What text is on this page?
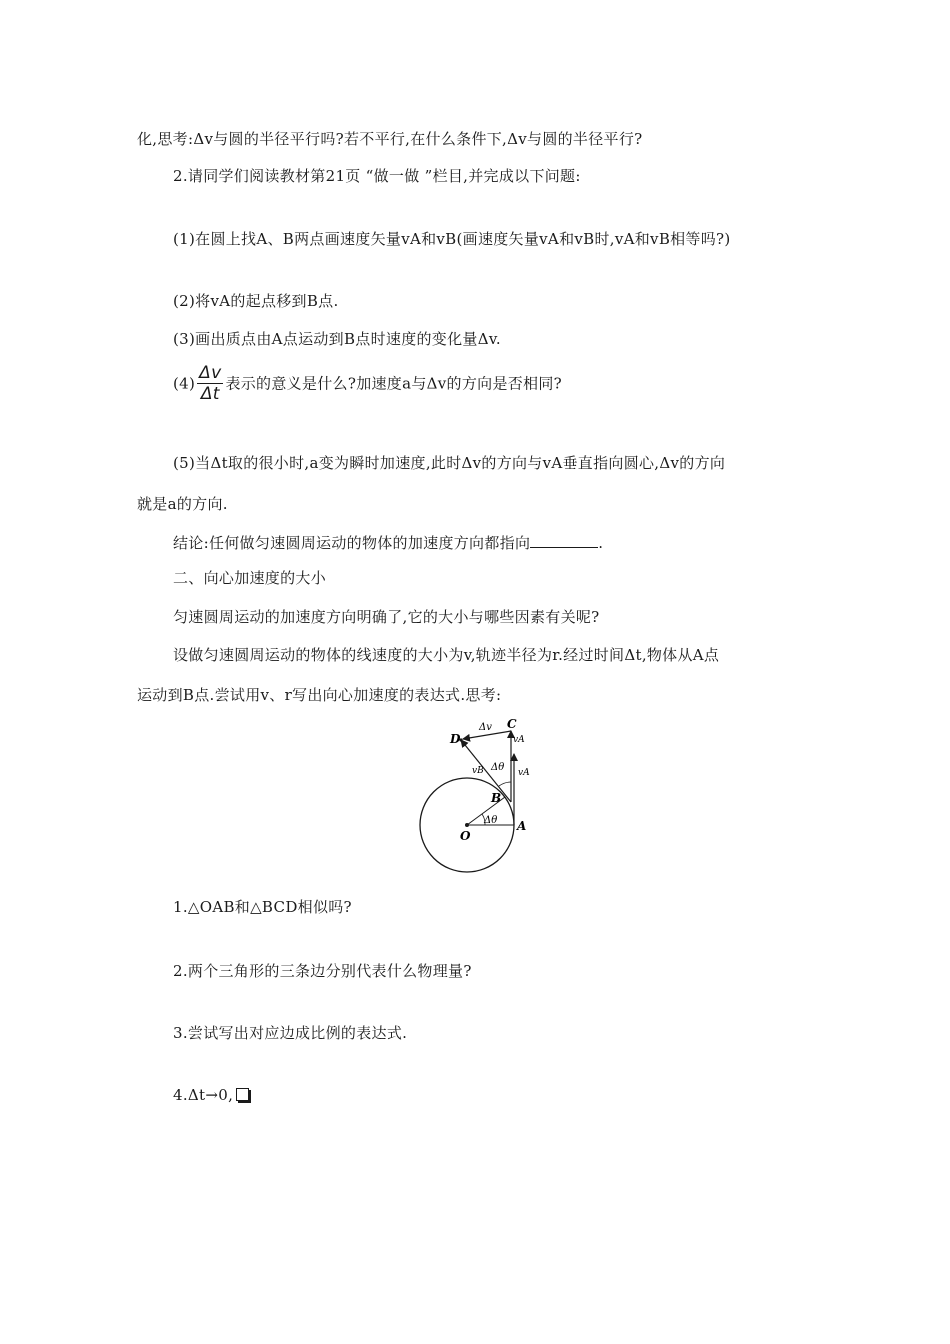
化,思考:Δv与圆的半径平行吗?若不平行,在什么条件下,Δv与圆的半径平行?
2.请同学们阅读教材第21页 “做一做 ”栏目,并完成以下问题:
(1)在圆上找A、B两点画速度矢量vA和vB(画速度矢量vA和vB时,vA和vB相等吗?)
(2)将vA的起点移到B点.
(3)画出质点由A点运动到B点时速度的变化量Δv.
$(4) \frac{\Delta v}{\Delta t}$ 表示的意义是什么?加速度a与Δv的方向是否相同?
(5)当Δt取的很小时,a变为瞬时加速度,此时Δv的方向与vA垂直指向圆心,Δv的方向
就是a的方向.
结论:任何做匀速圆周运动的物体的加速度方向都指向	.
二、向心加速度的大小
匀速圆周运动的加速度方向明确了,它的大小与哪些因素有关呢?
设做匀速圆周运动的物体的线速度的大小为v,轨迹半径为r.经过时间Δt,物体从A点
运动到B点.尝试用v、r写出向心加速度的表达式.思考:
O
A
B
C
D
Δθ
Δθ
Δv
vA
vA
vB
1.△OAB和△BCD相似吗?
2.两个三角形的三条边分别代表什么物理量?
3.尝试写出对应边成比例的表达式.
4.Δt→0,
